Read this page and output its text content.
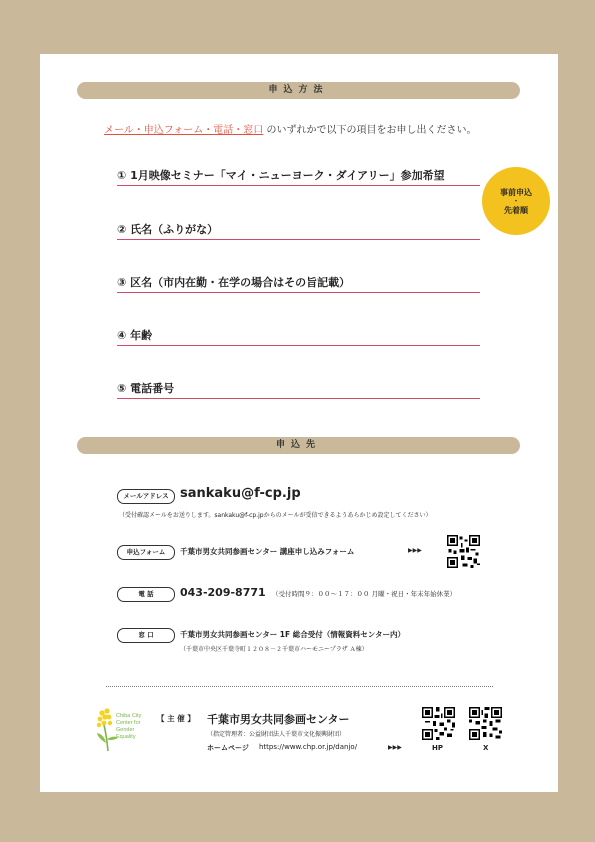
申込方法
メール・申込フォーム・電話・窓口 のいずれかで以下の項目をお申し出ください。
① 1月映像セミナー「マイ・ニューヨーク・ダイアリー」参加希望
② 氏名（ふりがな）
③ 区名（市内在勤・在学の場合はその旨記載）
④ 年齢
⑤ 電話番号
事前申込
・
先着順
申込先
メールアドレス sankaku@f-cp.jp
（受付確認メールをお送りします。sankaku@f-cp.jpからのメールが受信できるようあらかじめ設定してください）
申込フォーム	千葉市男女共同参画センター 講座申し込みフォーム	▶▶▶
電 話	043-209-8771 （受付時間９：００～１７：００ 月曜・祝日・年末年始休業）
窓 口	千葉市男女共同参画センター 1F 総合受付（情報資料センター内）
（千葉市中央区千葉寺町１２０８－２千葉市ハーモニープラザ Ａ棟）
Chiba City
Center for
Gender
Equality
【 主 催 】 千葉市男女共同参画センター
（指定管理者：公益財団法人千葉市文化振興財団）
ホームページ https://www.chp.or.jp/danjo/	▶▶▶	HP	X
